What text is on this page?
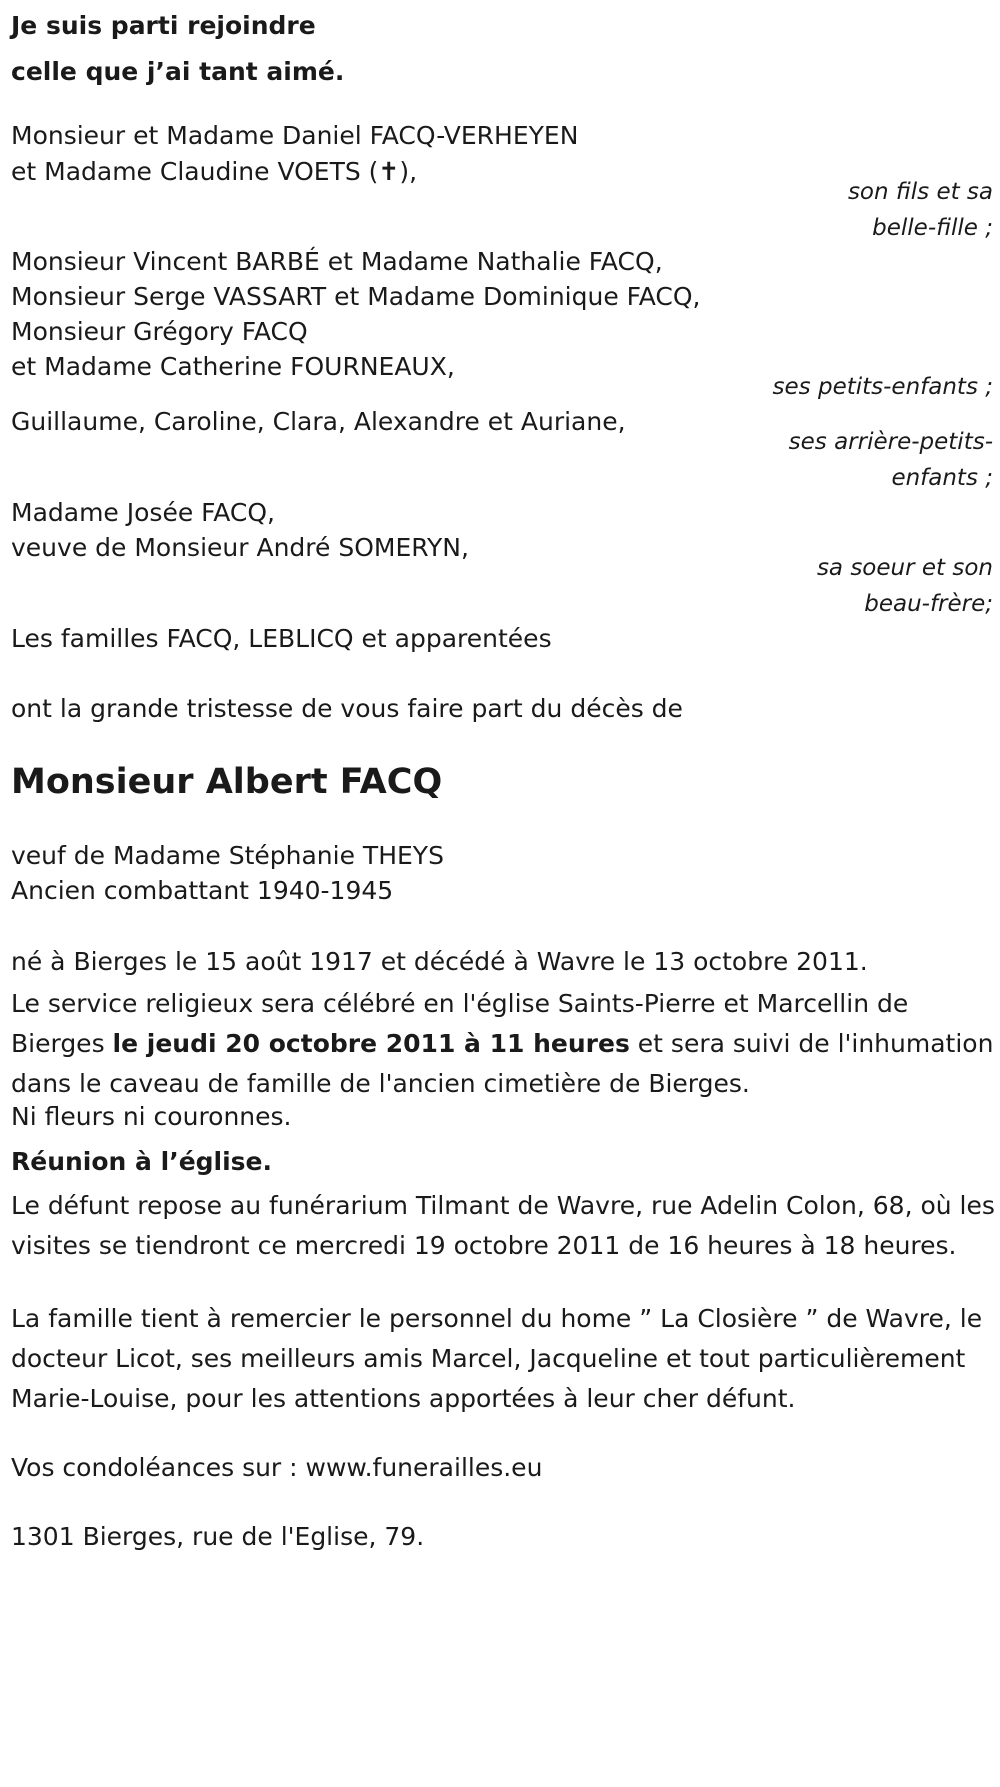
Je suis parti rejoindre
celle que j’ai tant aimé.
Monsieur et Madame Daniel FACQ-VERHEYEN
et Madame Claudine VOETS (✝),
son fils et sa
belle-fille ;
Monsieur Vincent BARBÉ et Madame Nathalie FACQ,
Monsieur Serge VASSART et Madame Dominique FACQ,
Monsieur Grégory FACQ
et Madame Catherine FOURNEAUX,
ses petits-enfants ;
Guillaume, Caroline, Clara, Alexandre et Auriane,
ses arrière-petits-
enfants ;
Madame Josée FACQ,
veuve de Monsieur André SOMERYN,
sa soeur et son
beau-frère;
Les familles FACQ, LEBLICQ et apparentées
ont la grande tristesse de vous faire part du décès de
Monsieur Albert FACQ
veuf de Madame Stéphanie THEYS
Ancien combattant 1940-1945
né à Bierges le 15 août 1917 et décédé à Wavre le 13 octobre 2011.
Le service religieux sera célébré en l'église Saints-Pierre et Marcellin de Bierges le jeudi 20 octobre 2011 à 11 heures et sera suivi de l'inhumation dans le caveau de famille de l'ancien cimetière de Bierges.
Ni fleurs ni couronnes.
Réunion à l’église.
Le défunt repose au funérarium Tilmant de Wavre, rue Adelin Colon, 68, où les visites se tiendront ce mercredi 19 octobre 2011 de 16 heures à 18 heures.
La famille tient à remercier le personnel du home ” La Closière ” de Wavre, le docteur Licot, ses meilleurs amis Marcel, Jacqueline et tout particulièrement Marie-Louise, pour les attentions apportées à leur cher défunt.
Vos condoléances sur : www.funerailles.eu
1301 Bierges, rue de l'Eglise, 79.
